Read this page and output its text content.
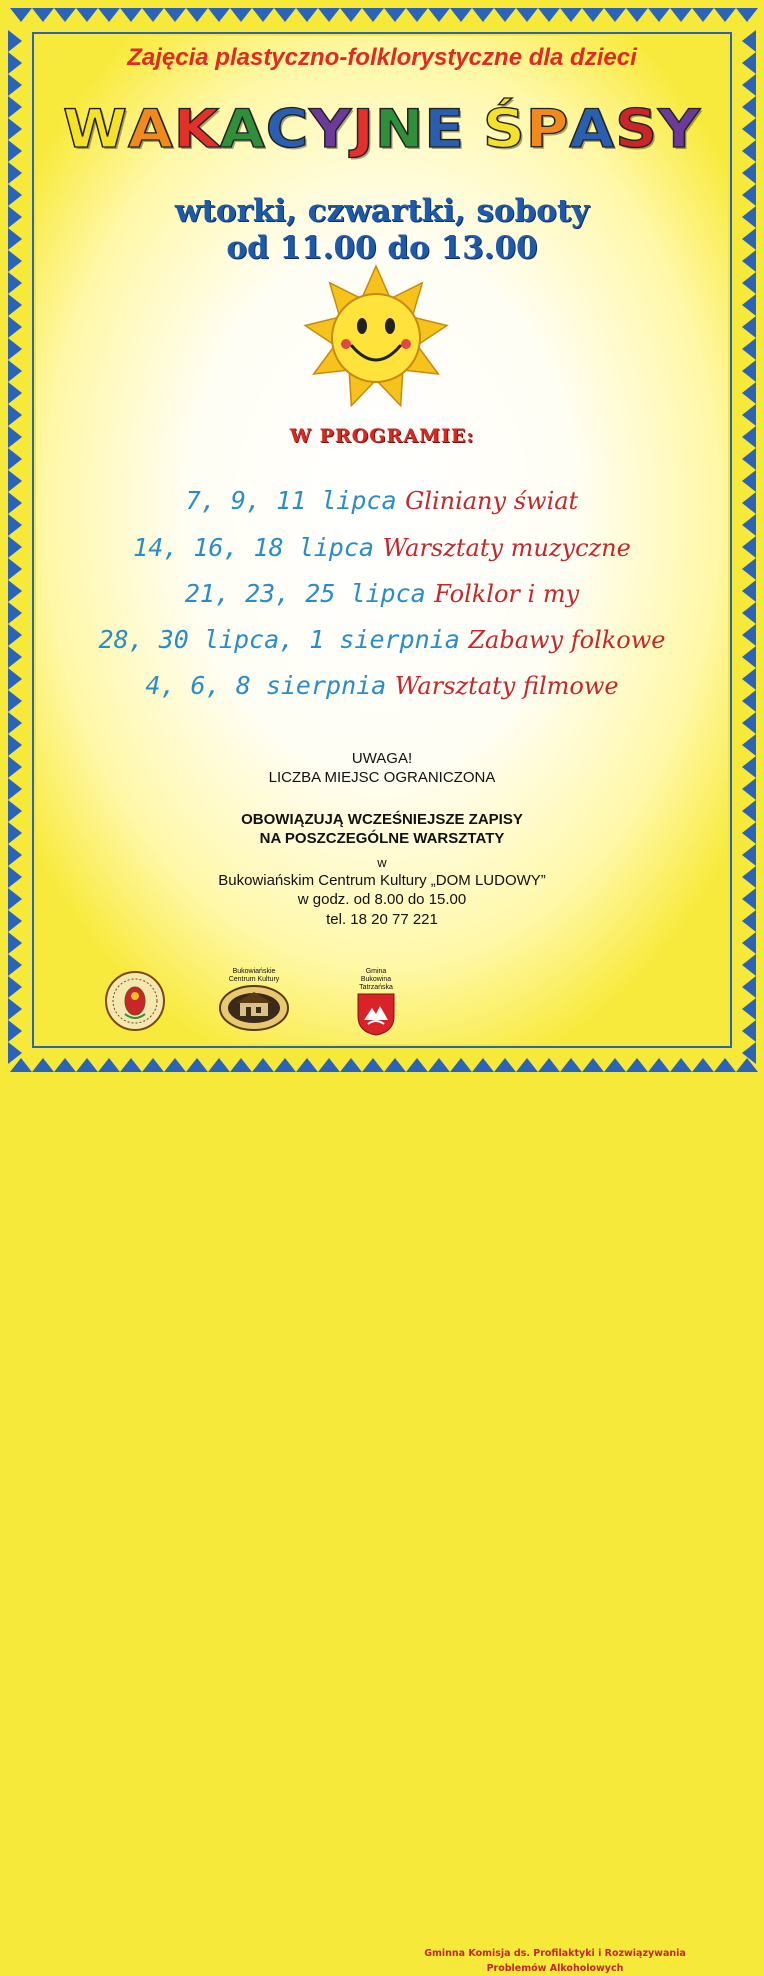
Zajęcia plastyczno-folklorystyczne dla dzieci
WAKACYJNE ŚPASY
wtorki, czwartki, soboty
od 11.00 do 13.00
W PROGRAMIE:
7, 9, 11 lipca Gliniany świat
14, 16, 18 lipca Warsztaty muzyczne
21, 23, 25 lipca Folklor i my
28, 30 lipca, 1 sierpnia Zabawy folkowe
4, 6, 8 sierpnia Warsztaty filmowe
UWAGA!
LICZBA MIEJSC OGRANICZONA
OBOWIĄZUJĄ WCZEŚNIEJSZE ZAPISY
NA POSZCZEGÓLNE WARSZTATY
w
Bukowiańskim Centrum Kultury „DOM LUDOWY”
w godz. od 8.00 do 15.00
tel. 18 20 77 221
Bukowiańskie
Centrum Kultury
Gmina
Bukowina
Tatrzańska
Gminna Komisja ds. Profilaktyki i Rozwiązywania
Problemów Alkoholowych
